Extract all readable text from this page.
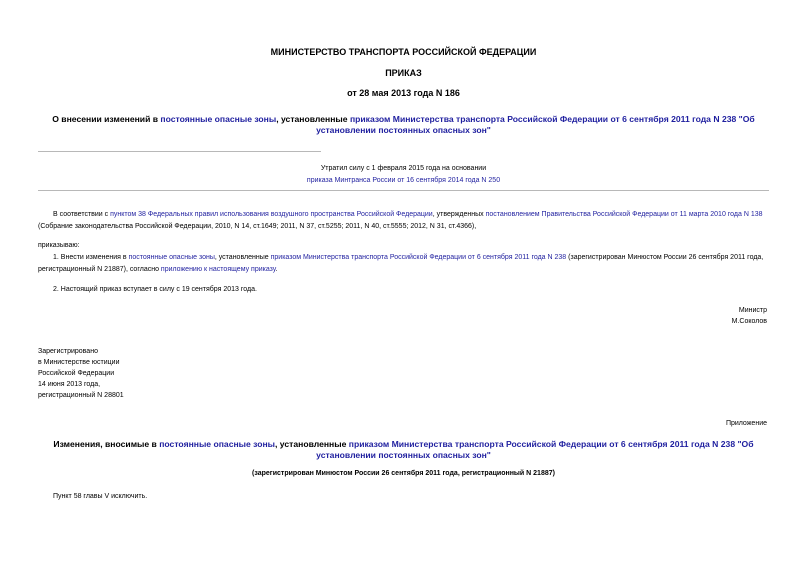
МИНИСТЕРСТВО ТРАНСПОРТА РОССИЙСКОЙ ФЕДЕРАЦИИ
ПРИКАЗ
от 28 мая 2013 года N 186
О внесении изменений в постоянные опасные зоны, установленные приказом Министерства транспорта Российской Федерации от 6 сентября 2011 года N 238 "Об установлении постоянных опасных зон"
Утратил силу с 1 февраля 2015 года на основании
приказа Минтранса России от 16 сентября 2014 года N 250
В соответствии с пунктом 38 Федеральных правил использования воздушного пространства Российской Федерации, утвержденных постановлением Правительства Российской Федерации от 11 марта 2010 года N 138 (Собрание законодательства Российской Федерации, 2010, N 14, ст.1649; 2011, N 37, ст.5255; 2011, N 40, ст.5555; 2012, N 31, ст.4366),
приказываю:
1. Внести изменения в постоянные опасные зоны, установленные приказом Министерства транспорта Российской Федерации от 6 сентября 2011 года N 238 (зарегистрирован Минюстом России 26 сентября 2011 года, регистрационный N 21887), согласно приложению к настоящему приказу.
2. Настоящий приказ вступает в силу с 19 сентября 2013 года.
Министр
М.Соколов
Зарегистрировано
в Министерстве юстиции
Российской Федерации
14 июня 2013 года,
регистрационный N 28801
Приложение
Изменения, вносимые в постоянные опасные зоны, установленные приказом Министерства транспорта Российской Федерации от 6 сентября 2011 года N 238 "Об установлении постоянных опасных зон"
(зарегистрирован Минюстом России 26 сентября 2011 года, регистрационный N 21887)
Пункт 58 главы V исключить.
